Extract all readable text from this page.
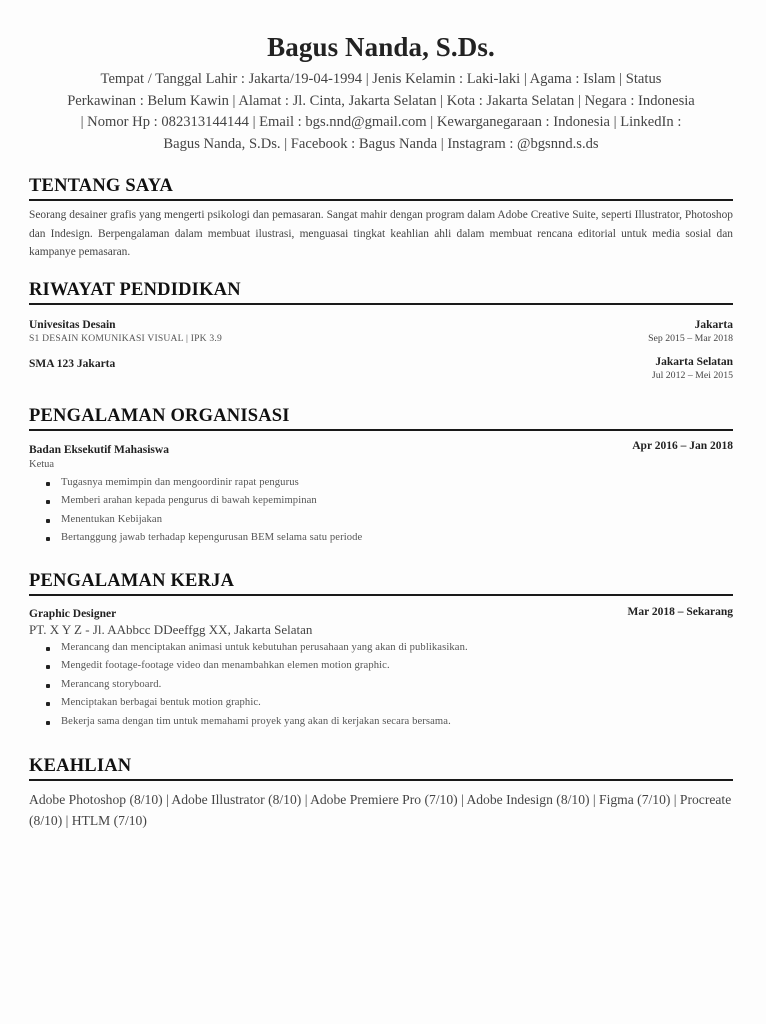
Bagus Nanda, S.Ds.
Tempat / Tanggal Lahir : Jakarta/19-04-1994 | Jenis Kelamin : Laki-laki | Agama : Islam | Status Perkawinan : Belum Kawin | Alamat : Jl. Cinta, Jakarta Selatan | Kota : Jakarta Selatan | Negara : Indonesia | Nomor Hp : 082313144144 | Email : bgs.nnd@gmail.com | Kewarganegaraan : Indonesia | LinkedIn : Bagus Nanda, S.Ds. | Facebook : Bagus Nanda | Instagram : @bgsnnd.s.ds
TENTANG SAYA
Seorang desainer grafis yang mengerti psikologi dan pemasaran. Sangat mahir dengan program dalam Adobe Creative Suite, seperti Illustrator, Photoshop dan Indesign. Berpengalaman dalam membuat ilustrasi, menguasai tingkat keahlian ahli dalam membuat rencana editorial untuk media sosial dan kampanye pemasaran.
RIWAYAT PENDIDIKAN
Univesitas Desain
S1 DESAIN KOMUNIKASI VISUAL | IPK 3.9
Jakarta
Sep 2015 – Mar 2018
SMA 123 Jakarta	Jakarta Selatan
Jul 2012 – Mei 2015
PENGALAMAN ORGANISASI
Badan Eksekutif Mahasiswa
Ketua
Apr 2016 – Jan 2018
Tugasnya memimpin dan mengoordinir rapat pengurus
Memberi arahan kepada pengurus di bawah kepemimpinan
Menentukan Kebijakan
Bertanggung jawab terhadap kepengurusan BEM selama satu periode
PENGALAMAN KERJA
Graphic Designer
PT. X Y Z - Jl. AAbbcc DDeeffgg XX, Jakarta Selatan
Mar 2018 – Sekarang
Merancang dan menciptakan animasi untuk kebutuhan perusahaan yang akan di publikasikan.
Mengedit footage-footage video dan menambahkan elemen motion graphic.
Merancang storyboard.
Menciptakan berbagai bentuk motion graphic.
Bekerja sama dengan tim untuk memahami proyek yang akan di kerjakan secara bersama.
KEAHLIAN
Adobe Photoshop (8/10) | Adobe Illustrator (8/10) | Adobe Premiere Pro (7/10) | Adobe Indesign (8/10) | Figma (7/10) | Procreate (8/10) | HTLM (7/10)
